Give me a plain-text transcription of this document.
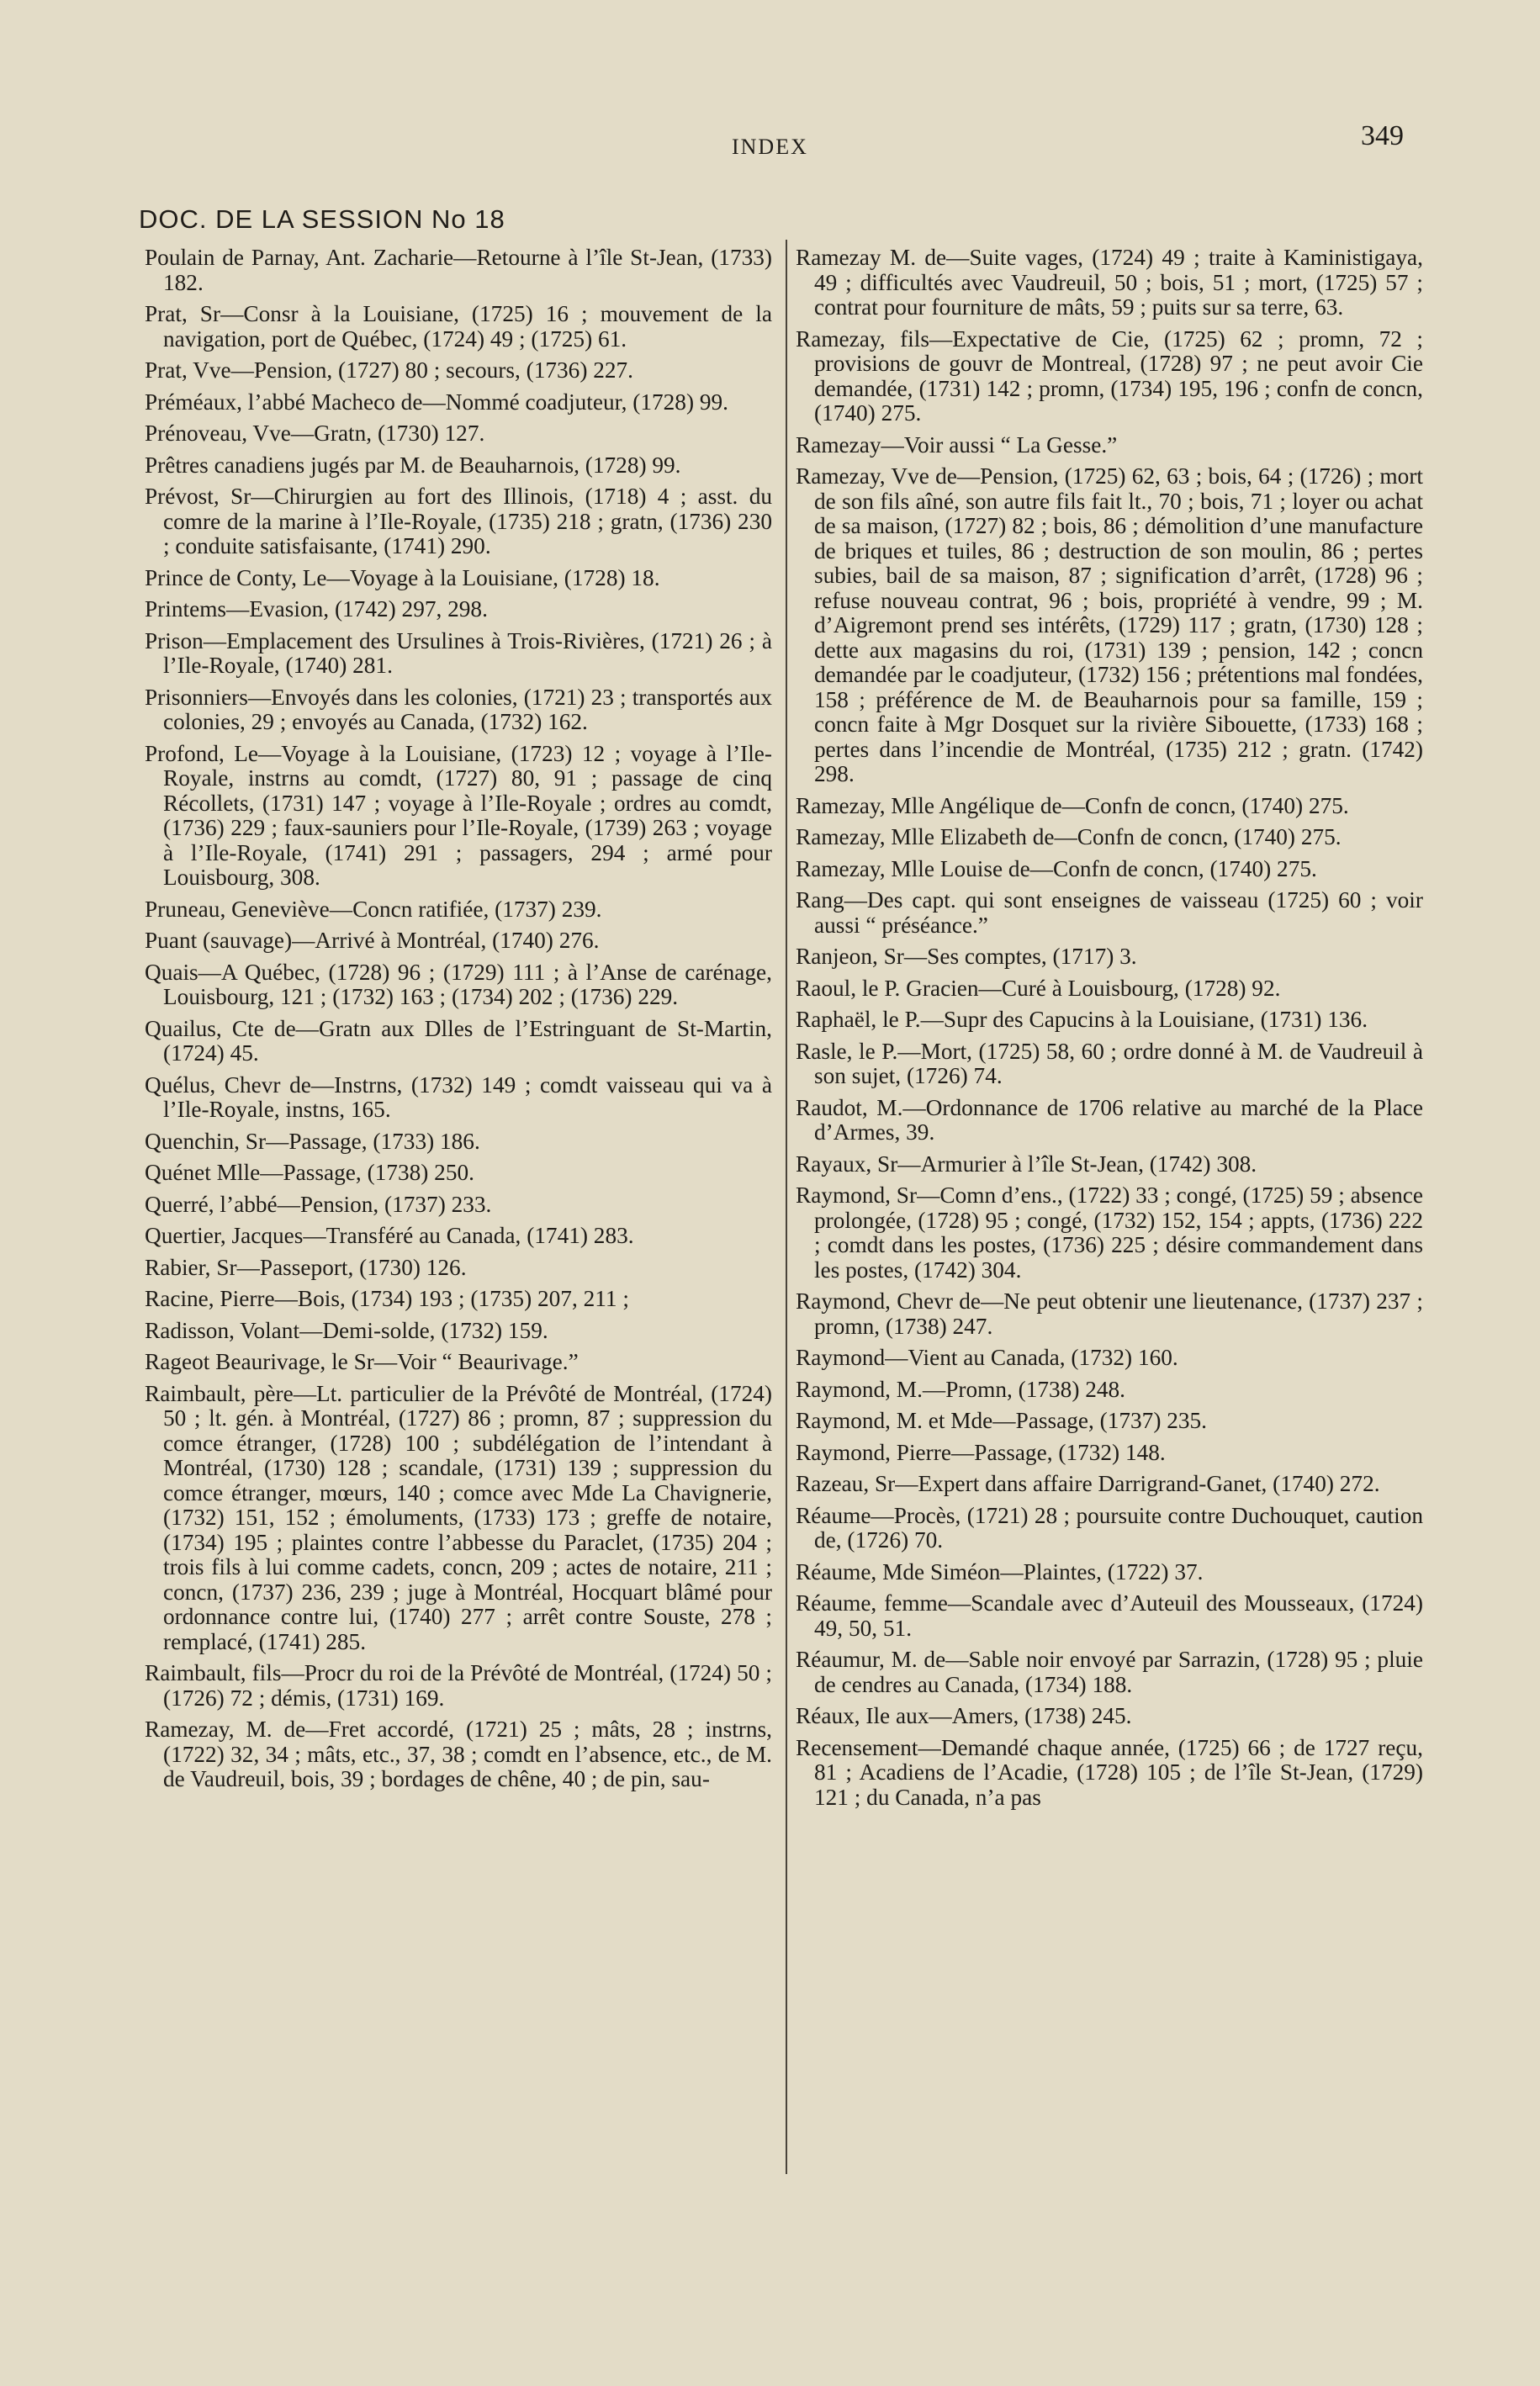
INDEX	349
DOC. DE LA SESSION No 18
Poulain de Parnay, Ant. Zacharie—Retourne à l’île St-Jean, (1733) 182.
Prat, Sr—Consr à la Louisiane, (1725) 16 ; mouvement de la navigation, port de Québec, (1724) 49 ; (1725) 61.
Prat, Vve—Pension, (1727) 80 ; secours, (1736) 227.
Préméaux, l’abbé Macheco de—Nommé coadjuteur, (1728) 99.
Prénoveau, Vve—Gratn, (1730) 127.
Prêtres canadiens jugés par M. de Beauharnois, (1728) 99.
Prévost, Sr—Chirurgien au fort des Illinois, (1718) 4 ; asst. du comre de la marine à l’Ile-Royale, (1735) 218 ; gratn, (1736) 230 ; conduite satisfaisante, (1741) 290.
Prince de Conty, Le—Voyage à la Louisiane, (1728) 18.
Printems—Evasion, (1742) 297, 298.
Prison—Emplacement des Ursulines à Trois-Rivières, (1721) 26 ; à l’Ile-Royale, (1740) 281.
Prisonniers—Envoyés dans les colonies, (1721) 23 ; transportés aux colonies, 29 ; envoyés au Canada, (1732) 162.
Profond, Le—Voyage à la Louisiane, (1723) 12 ; voyage à l’Ile-Royale, instrns au comdt, (1727) 80, 91 ; passage de cinq Récollets, (1731) 147 ; voyage à l’Ile-Royale ; ordres au comdt, (1736) 229 ; faux-sauniers pour l’Ile-Royale, (1739) 263 ; voyage à l’Ile-Royale, (1741) 291 ; passagers, 294 ; armé pour Louisbourg, 308.
Pruneau, Geneviève—Concn ratifiée, (1737) 239.
Puant (sauvage)—Arrivé à Montréal, (1740) 276.
Quais—A Québec, (1728) 96 ; (1729) 111 ; à l’Anse de carénage, Louisbourg, 121 ; (1732) 163 ; (1734) 202 ; (1736) 229.
Quailus, Cte de—Gratn aux Dlles de l’Estringuant de St-Martin, (1724) 45.
Quélus, Chevr de—Instrns, (1732) 149 ; comdt vaisseau qui va à l’Ile-Royale, instns, 165.
Quenchin, Sr—Passage, (1733) 186.
Quénet Mlle—Passage, (1738) 250.
Querré, l’abbé—Pension, (1737) 233.
Quertier, Jacques—Transféré au Canada, (1741) 283.
Rabier, Sr—Passeport, (1730) 126.
Racine, Pierre—Bois, (1734) 193 ; (1735) 207, 211 ;
Radisson, Volant—Demi-solde, (1732) 159.
Rageot Beaurivage, le Sr—Voir “ Beaurivage.”
Raimbault, père—Lt. particulier de la Prévôté de Montréal, (1724) 50 ; lt. gén. à Montréal, (1727) 86 ; promn, 87 ; suppression du comce étranger, (1728) 100 ; subdélégation de l’intendant à Montréal, (1730) 128 ; scandale, (1731) 139 ; suppression du comce étranger, mœurs, 140 ; comce avec Mde La Chavignerie, (1732) 151, 152 ; émoluments, (1733) 173 ; greffe de notaire,(1734) 195 ; plaintes contre l’abbesse du Paraclet, (1735) 204 ; trois fils à lui comme cadets, concn, 209 ; actes de notaire, 211 ; concn, (1737) 236, 239 ; juge à Montréal, Hocquart blâmé pour ordonnance contre lui, (1740) 277 ; arrêt contre Souste, 278 ; remplacé, (1741) 285.
Raimbault, fils—Procr du roi de la Prévôté de Montréal, (1724) 50 ; (1726) 72 ; démis, (1731) 169.
Ramezay, M. de—Fret accordé, (1721) 25 ; mâts, 28 ; instrns, (1722) 32, 34 ; mâts, etc., 37, 38 ; comdt en l’absence, etc., de M. de Vaudreuil, bois, 39 ; bordages de chêne, 40 ; de pin, sau-
Ramezay M. de—Suite vages, (1724) 49 ; traite à Kaministigaya, 49 ; difficultés avec Vaudreuil, 50 ; bois, 51 ; mort, (1725) 57 ; contrat pour fourniture de mâts, 59 ; puits sur sa terre, 63.
Ramezay, fils—Expectative de Cie, (1725) 62 ; promn, 72 ; provisions de gouvr de Montreal, (1728) 97 ; ne peut avoir Cie demandée, (1731) 142 ; promn, (1734) 195, 196 ; confn de concn, (1740) 275.
Ramezay—Voir aussi “ La Gesse.”
Ramezay, Vve de—Pension, (1725) 62, 63 ; bois, 64 ; (1726) ; mort de son fils aîné, son autre fils fait lt., 70 ; bois, 71 ; loyer ou achat de sa maison, (1727) 82 ; bois, 86 ; démolition d’une manufacture de briques et tuiles, 86 ; destruction de son moulin, 86 ; pertes subies, bail de sa maison, 87 ; signification d’arrêt, (1728) 96 ; refuse nouveau contrat, 96 ; bois, propriété à vendre, 99 ; M. d’Aigremont prend ses intérêts, (1729) 117 ; gratn, (1730) 128 ; dette aux magasins du roi, (1731) 139 ; pension, 142 ; concn demandée par le coadjuteur, (1732) 156 ; prétentions mal fondées, 158 ; préférence de M. de Beauharnois pour sa famille, 159 ; concn faite à Mgr Dosquet sur la rivière Sibouette, (1733) 168 ; pertes dans l’incendie de Montréal, (1735) 212 ; gratn. (1742) 298.
Ramezay, Mlle Angélique de—Confn de concn, (1740) 275.
Ramezay, Mlle Elizabeth de—Confn de concn, (1740) 275.
Ramezay, Mlle Louise de—Confn de concn, (1740) 275.
Rang—Des capt. qui sont enseignes de vaisseau (1725) 60 ; voir aussi “ préséance.”
Ranjeon, Sr—Ses comptes, (1717) 3.
Raoul, le P. Gracien—Curé à Louisbourg, (1728) 92.
Raphaël, le P.—Supr des Capucins à la Louisiane, (1731) 136.
Rasle, le P.—Mort, (1725) 58, 60 ; ordre donné à M. de Vaudreuil à son sujet, (1726) 74.
Raudot, M.—Ordonnance de 1706 relative au marché de la Place d’Armes, 39.
Rayaux, Sr—Armurier à l’île St-Jean, (1742) 308.
Raymond, Sr—Comn d’ens., (1722) 33 ; congé, (1725) 59 ; absence prolongée, (1728) 95 ; congé, (1732) 152, 154 ; appts, (1736) 222 ; comdt dans les postes, (1736) 225 ; désire commandement dans les postes, (1742) 304.
Raymond, Chevr de—Ne peut obtenir une lieutenance, (1737) 237 ; promn, (1738) 247.
Raymond—Vient au Canada, (1732) 160.
Raymond, M.—Promn, (1738) 248.
Raymond, M. et Mde—Passage, (1737) 235.
Raymond, Pierre—Passage, (1732) 148.
Razeau, Sr—Expert dans affaire Darrigrand-Ganet, (1740) 272.
Réaume—Procès, (1721) 28 ; poursuite contre Duchouquet, caution de, (1726) 70.
Réaume, Mde Siméon—Plaintes, (1722) 37.
Réaume, femme—Scandale avec d’Auteuil des Mousseaux, (1724) 49, 50, 51.
Réaumur, M. de—Sable noir envoyé par Sarrazin, (1728) 95 ; pluie de cendres au Canada, (1734) 188.
Réaux, Ile aux—Amers, (1738) 245.
Recensement—Demandé chaque année, (1725) 66 ; de 1727 reçu, 81 ; Acadiens de l’Acadie, (1728) 105 ; de l’île St-Jean, (1729) 121 ; du Canada, n’a pas
